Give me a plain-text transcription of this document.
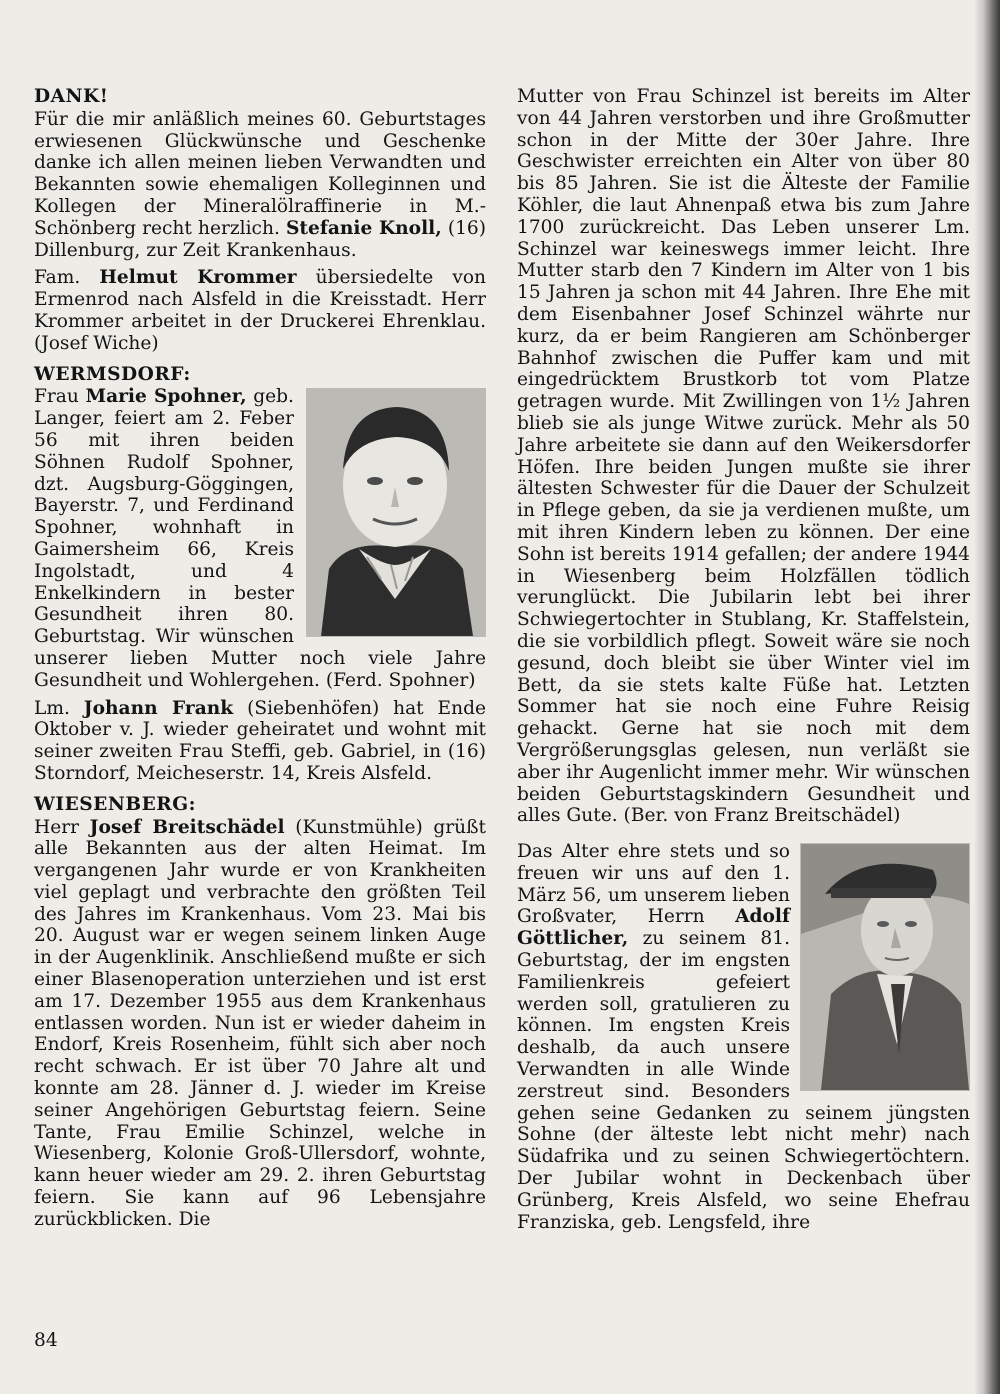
DANK!

Für die mir anläßlich meines 60. Geburtstages erwiesenen Glückwünsche und Geschenke danke ich allen meinen lieben Verwandten und Bekannten sowie ehemaligen Kolleginnen und Kollegen der Mineralölraffinerie in M.-Schönberg recht herzlich. Stefanie Knoll, (16) Dillenburg, zur Zeit Krankenhaus.

Fam. Helmut Krommer übersiedelte von Ermenrod nach Alsfeld in die Kreisstadt. Herr Krommer arbeitet in der Druckerei Ehrenklau. (Josef Wiche)

WERMSDORF:

Frau Marie Spohner, geb. Langer, feiert am 2. Feber 56 mit ihren beiden Söhnen Rudolf Spohner, dzt. Augsburg-Göggingen, Bayerstr. 7, und Ferdinand Spohner, wohnhaft in Gaimersheim 66, Kreis Ingolstadt, und 4 Enkelkindern in bester Gesundheit ihren 80. Geburtstag. Wir wünschen unserer lieben Mutter noch viele Jahre Gesundheit und Wohlergehen. (Ferd. Spohner)

Lm. Johann Frank (Siebenhöfen) hat Ende Oktober v. J. wieder geheiratet und wohnt mit seiner zweiten Frau Steffi, geb. Gabriel, in (16) Storndorf, Meicheserstr. 14, Kreis Alsfeld.

WIESENBERG:

Herr Josef Breitschädel (Kunstmühle) grüßt alle Bekannten aus der alten Heimat. Im vergangenen Jahr wurde er von Krankheiten viel geplagt und verbrachte den größten Teil des Jahres im Krankenhaus. Vom 23. Mai bis 20. August war er wegen seinem linken Auge in der Augenklinik. Anschließend mußte er sich einer Blasenoperation unterziehen und ist erst am 17. Dezember 1955 aus dem Krankenhaus entlassen worden. Nun ist er wieder daheim in Endorf, Kreis Rosenheim, fühlt sich aber noch recht schwach. Er ist über 70 Jahre alt und konnte am 28. Jänner d. J. wieder im Kreise seiner Angehörigen Geburtstag feiern. Seine Tante, Frau Emilie Schinzel, welche in Wiesenberg, Kolonie Groß-Ullersdorf, wohnte, kann heuer wieder am 29. 2. ihren Geburtstag feiern. Sie kann auf 96 Lebensjahre zurückblicken. Die

Mutter von Frau Schinzel ist bereits im Alter von 44 Jahren verstorben und ihre Großmutter schon in der Mitte der 30er Jahre. Ihre Geschwister erreichten ein Alter von über 80 bis 85 Jahren. Sie ist die Älteste der Familie Köhler, die laut Ahnenpaß etwa bis zum Jahre 1700 zurückreicht. Das Leben unserer Lm. Schinzel war keineswegs immer leicht. Ihre Mutter starb den 7 Kindern im Alter von 1 bis 15 Jahren ja schon mit 44 Jahren. Ihre Ehe mit dem Eisenbahner Josef Schinzel währte nur kurz, da er beim Rangieren am Schönberger Bahnhof zwischen die Puffer kam und mit eingedrücktem Brustkorb tot vom Platze getragen wurde. Mit Zwillingen von 1½ Jahren blieb sie als junge Witwe zurück. Mehr als 50 Jahre arbeitete sie dann auf den Weikersdorfer Höfen. Ihre beiden Jungen mußte sie ihrer ältesten Schwester für die Dauer der Schulzeit in Pflege geben, da sie ja verdienen mußte, um mit ihren Kindern leben zu können. Der eine Sohn ist bereits 1914 gefallen; der andere 1944 in Wiesenberg beim Holzfällen tödlich verunglückt. Die Jubilarin lebt bei ihrer Schwiegertochter in Stublang, Kr. Staffelstein, die sie vorbildlich pflegt. Soweit wäre sie noch gesund, doch bleibt sie über Winter viel im Bett, da sie stets kalte Füße hat. Letzten Sommer hat sie noch eine Fuhre Reisig gehackt. Gerne hat sie noch mit dem Vergrößerungsglas gelesen, nun verläßt sie aber ihr Augenlicht immer mehr. Wir wünschen beiden Geburtstagskindern Gesundheit und alles Gute. (Ber. von Franz Breitschädel)

Das Alter ehre stets und so freuen wir uns auf den 1. März 56, um unserem lieben Großvater, Herrn Adolf Göttlicher, zu seinem 81. Geburtstag, der im engsten Familienkreis gefeiert werden soll, gratulieren zu können. Im engsten Kreis deshalb, da auch unsere Verwandten in alle Winde zerstreut sind. Besonders gehen seine Gedanken zu seinem jüngsten Sohne (der älteste lebt nicht mehr) nach Südafrika und zu seinen Schwiegertöchtern. Der Jubilar wohnt in Deckenbach über Grünberg, Kreis Alsfeld, wo seine Ehefrau Franziska, geb. Lengsfeld, ihre

84
